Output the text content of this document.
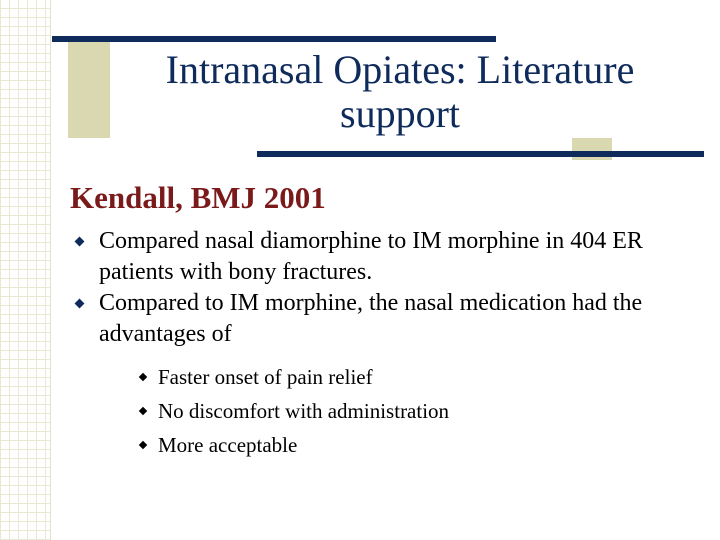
Intranasal Opiates: Literature support
Kendall, BMJ 2001
Compared nasal diamorphine to IM morphine in 404 ER patients with bony fractures.
Compared to IM morphine, the nasal medication had the advantages of
Faster onset of pain relief
No discomfort with administration
More acceptable
